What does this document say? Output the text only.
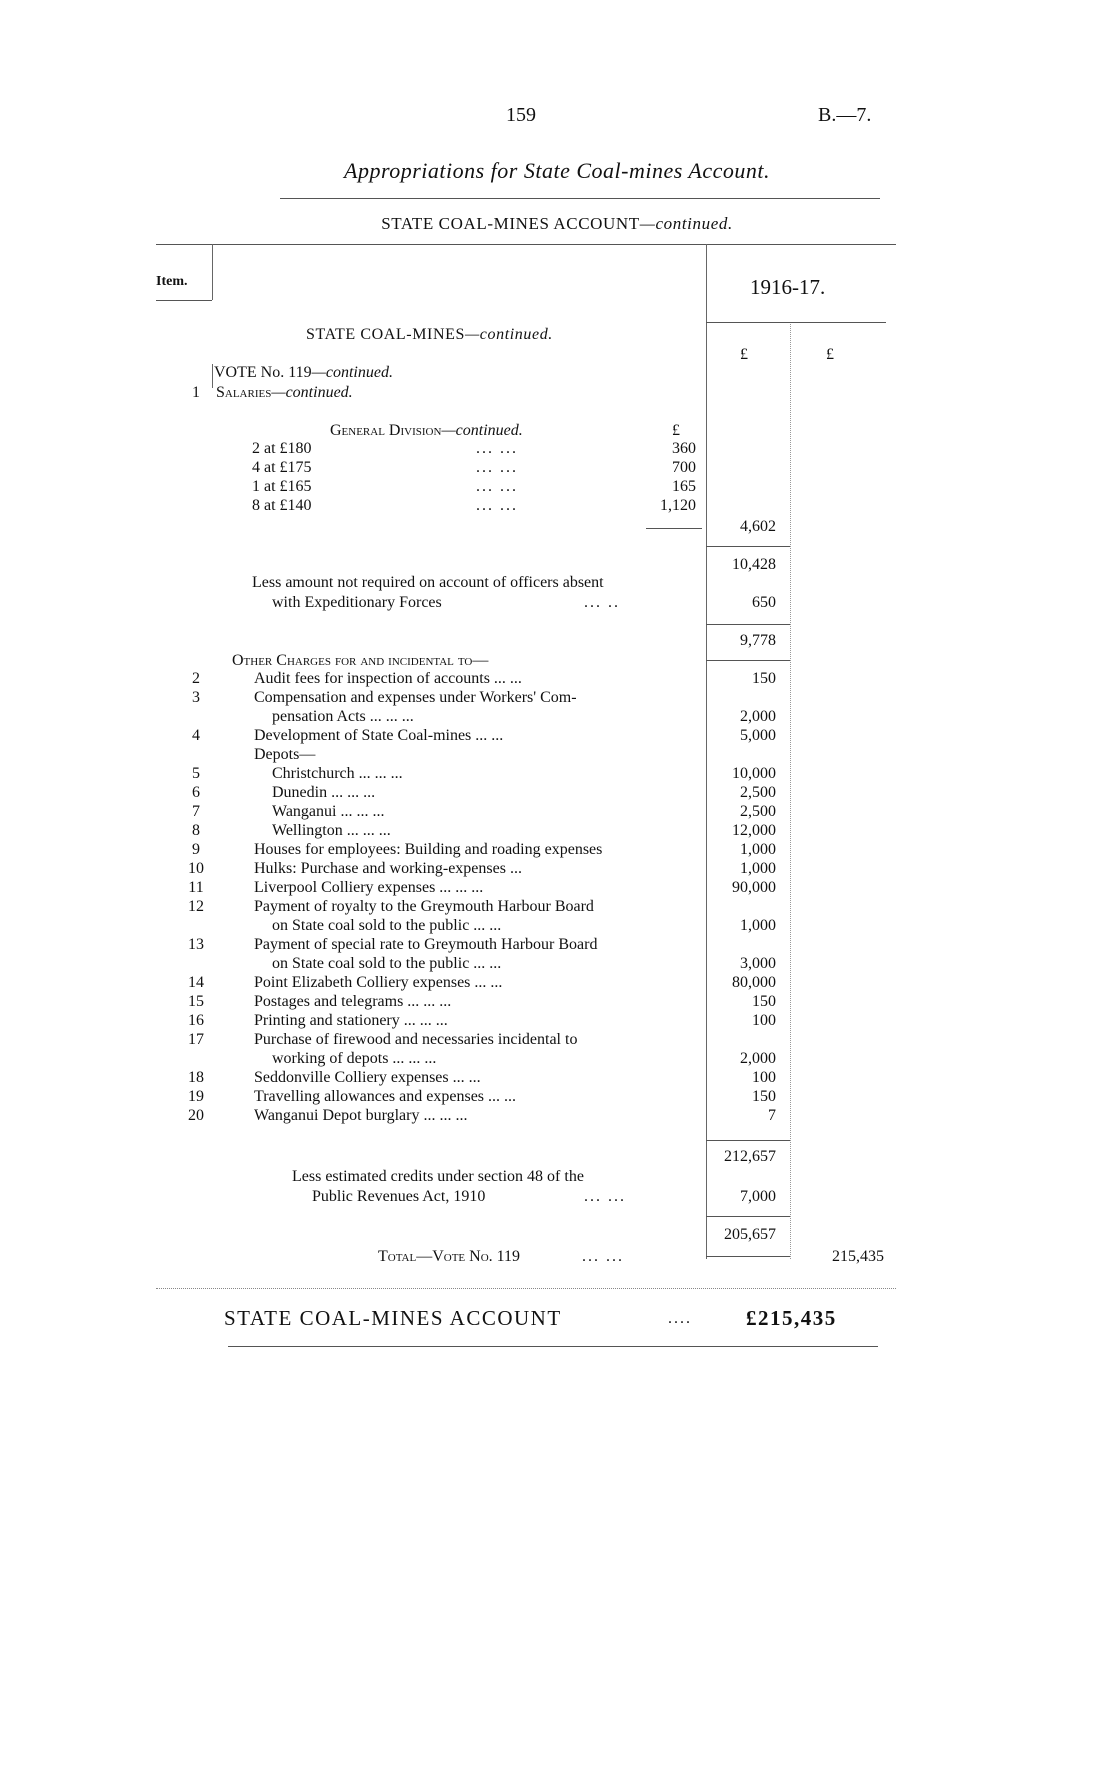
159	B.—7.
Appropriations for State Coal-mines Account.
STATE COAL-MINES ACCOUNT—continued.
Item.	1916-17.
£	£
STATE COAL-MINES—continued.
VOTE No. 119—continued.
1	Salaries—continued.
General Division—continued.	£
2 at £180	... ...	360
4 at £175	... ...	700
1 at £165	... ...	165
8 at £140	... ...	1,120
4,602
10,428
Less amount not required on account of officers absent
with Expeditionary Forces	... ..	650
9,778
Other Charges for and incidental to—
2	Audit fees for inspection of accounts ... ...	150
3	Compensation and expenses under Workers' Com-
pensation Acts ... ... ...	2,000
4	Development of State Coal-mines ... ...	5,000
Depots—
5	Christchurch ... ... ...	10,000
6	Dunedin ... ... ...	2,500
7	Wanganui ... ... ...	2,500
8	Wellington ... ... ...	12,000
9	Houses for employees: Building and roading expenses	1,000
10	Hulks: Purchase and working-expenses ...	1,000
11	Liverpool Colliery expenses ... ... ...	90,000
12	Payment of royalty to the Greymouth Harbour Board
on State coal sold to the public ... ...	1,000
13	Payment of special rate to Greymouth Harbour Board
on State coal sold to the public ... ...	3,000
14	Point Elizabeth Colliery expenses ... ...	80,000
15	Postages and telegrams ... ... ...	150
16	Printing and stationery ... ... ...	100
17	Purchase of firewood and necessaries incidental to
working of depots ... ... ...	2,000
18	Seddonville Colliery expenses ... ...	100
19	Travelling allowances and expenses ... ...	150
20	Wanganui Depot burglary ... ... ...	7
212,657
Less estimated credits under section 48 of the
Public Revenues Act, 1910	... ...	7,000
205,657
Total—Vote No. 119	... ...	215,435
STATE COAL-MINES ACCOUNT	....	£215,435
